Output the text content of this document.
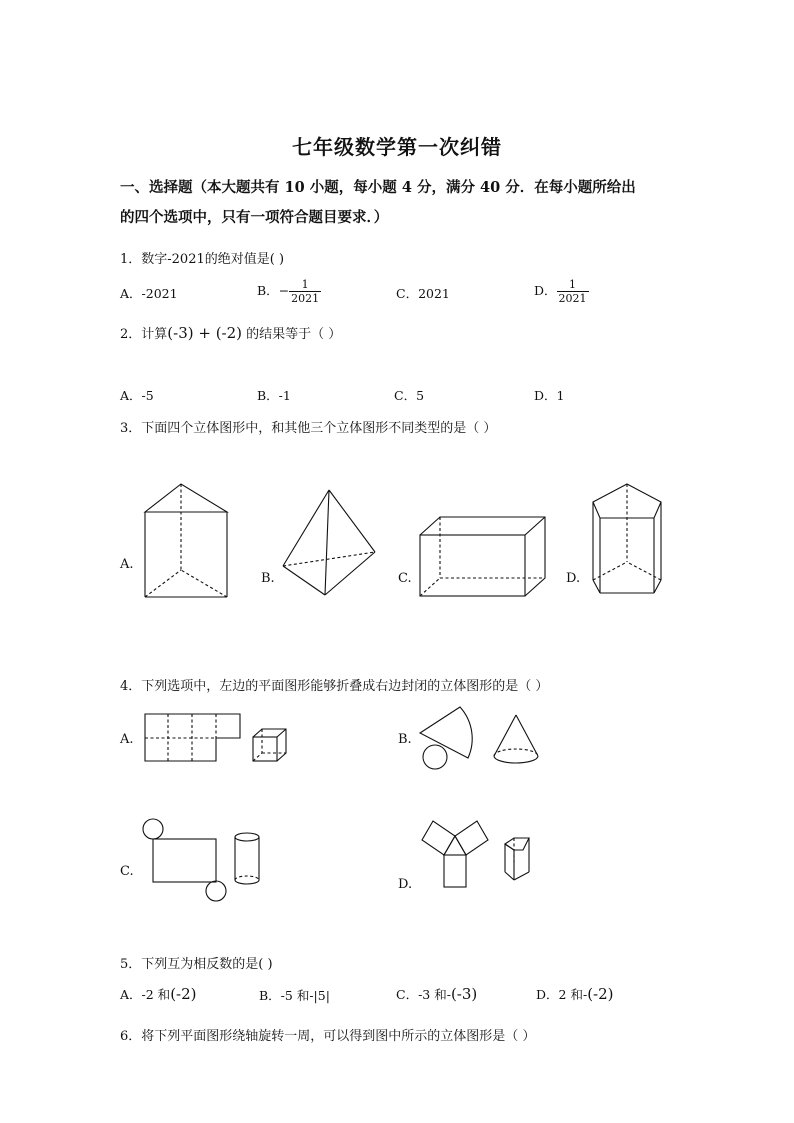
七年级数学第一次纠错
一、选择题（本大题共有 10 小题，每小题 4 分，满分 40 分．在每小题所给出
的四个选项中，只有一项符合题目要求．）
1．数字-2021的绝对值是( )
A．-2021	B．− $\frac{1}{2021}$	C．2021	D． $\frac{1}{2021}$
2．计算(-3) + (-2) 的结果等于（ ）
A．-5	B．-1	C．5	D．1
3．下面四个立体图形中，和其他三个立体图形不同类型的是（ ）
A.
B.	C.	D.
4．下列选项中，左边的平面图形能够折叠成右边封闭的立体图形的是（ ）
A.	B.
C.
D.
5．下列互为相反数的是( )
A．-2 和(-2)	B．-5 和-|5|	C．-3 和-(-3)	D．2 和-(-2)
6．将下列平面图形绕轴旋转一周，可以得到图中所示的立体图形是（ ）
